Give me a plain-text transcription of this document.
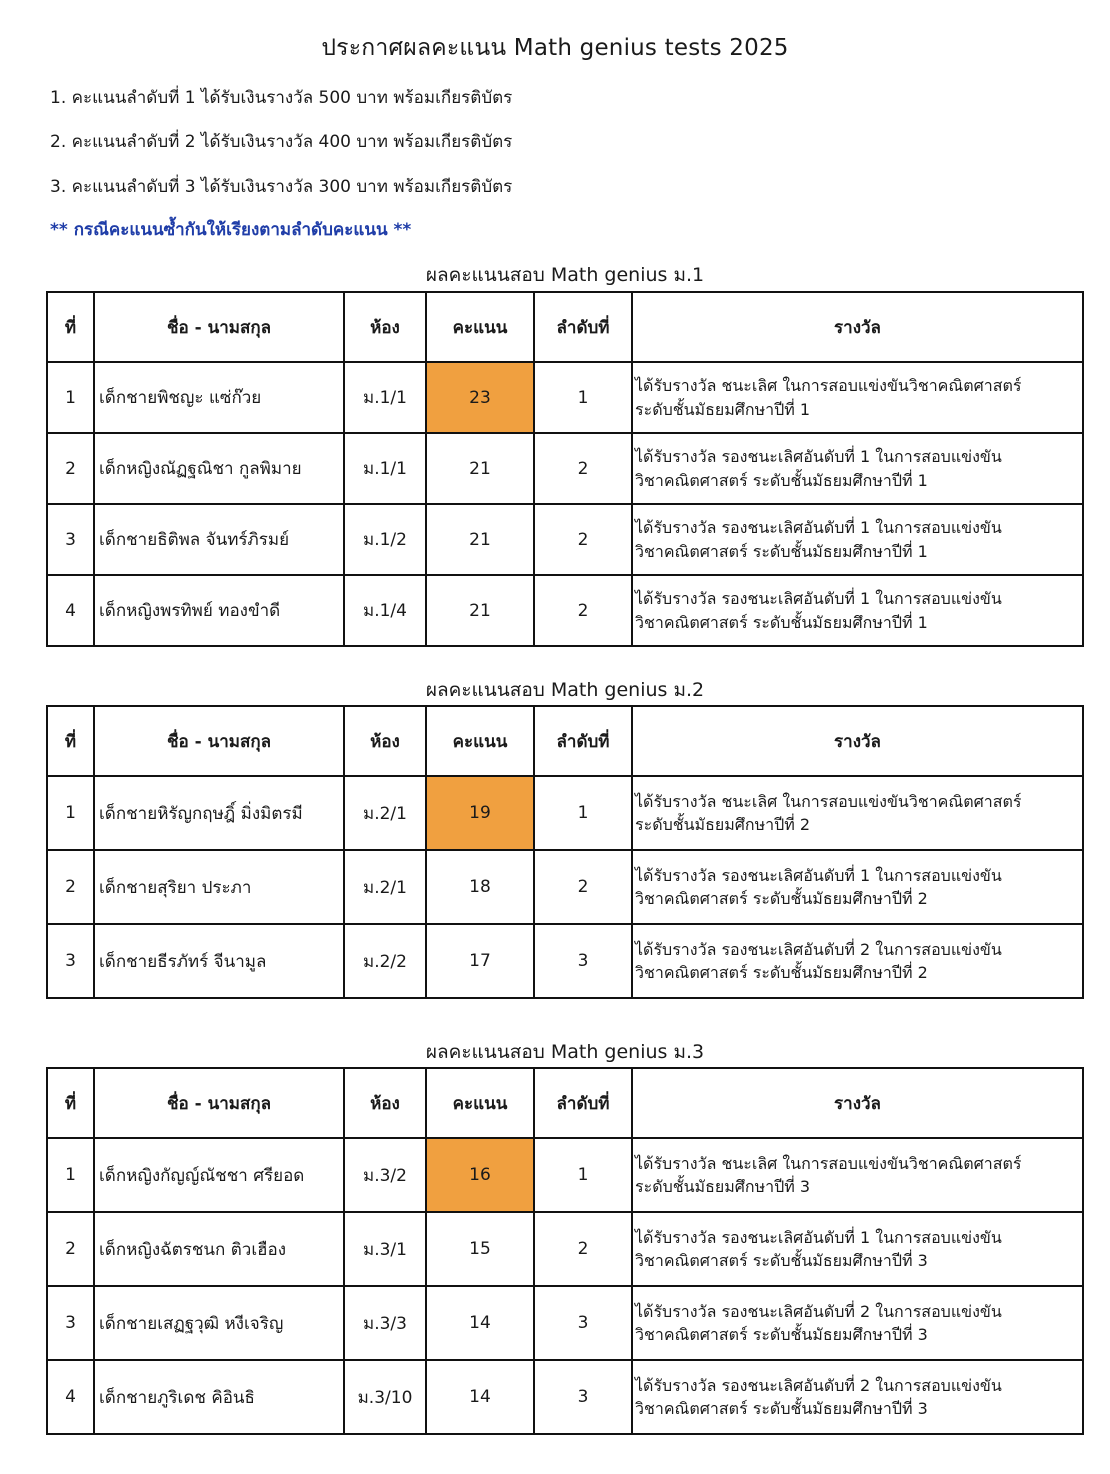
ประกาศผลคะแนน Math genius tests 2025
1. คะแนนลำดับที่ 1 ได้รับเงินรางวัล 500 บาท พร้อมเกียรติบัตร
2. คะแนนลำดับที่ 2 ได้รับเงินรางวัล 400 บาท พร้อมเกียรติบัตร
3. คะแนนลำดับที่ 3 ได้รับเงินรางวัล 300 บาท พร้อมเกียรติบัตร
** กรณีคะแนนซ้ำกันให้เรียงตามลำดับคะแนน **
ผลคะแนนสอบ Math genius ม.1
ที่	ชื่อ - นามสกุล	ห้อง	คะแนน	ลำดับที่	รางวัล
1	เด็กชายพิชญะ แซ่ก๊วย	ม.1/1	23	1	ได้รับรางวัล ชนะเลิศ ในการสอบแข่งขันวิชาคณิตศาสตร์
ระดับชั้นมัธยมศึกษาปีที่ 1

2	เด็กหญิงณัฏฐณิชา กูลพิมาย	ม.1/1	21	2	ได้รับรางวัล รองชนะเลิศอันดับที่ 1 ในการสอบแข่งขัน
วิชาคณิตศาสตร์ ระดับชั้นมัธยมศึกษาปีที่ 1

3	เด็กชายธิติพล จันทร์ภิรมย์	ม.1/2	21	2	ได้รับรางวัล รองชนะเลิศอันดับที่ 1 ในการสอบแข่งขัน
วิชาคณิตศาสตร์ ระดับชั้นมัธยมศึกษาปีที่ 1

4	เด็กหญิงพรทิพย์ ทองขำดี	ม.1/4	21	2	ได้รับรางวัล รองชนะเลิศอันดับที่ 1 ในการสอบแข่งขัน
วิชาคณิตศาสตร์ ระดับชั้นมัธยมศึกษาปีที่ 1
ผลคะแนนสอบ Math genius ม.2
ที่	ชื่อ - นามสกุล	ห้อง	คะแนน	ลำดับที่	รางวัล
1	เด็กชายหิรัญกฤษฎิ์ มิ่งมิตรมี	ม.2/1	19	1	ได้รับรางวัล ชนะเลิศ ในการสอบแข่งขันวิชาคณิตศาสตร์
ระดับชั้นมัธยมศึกษาปีที่ 2

2	เด็กชายสุริยา ประภา	ม.2/1	18	2	ได้รับรางวัล รองชนะเลิศอันดับที่ 1 ในการสอบแข่งขัน
วิชาคณิตศาสตร์ ระดับชั้นมัธยมศึกษาปีที่ 2

3	เด็กชายธีรภัทร์ จีนามูล	ม.2/2	17	3	ได้รับรางวัล รองชนะเลิศอันดับที่ 2 ในการสอบแข่งขัน
วิชาคณิตศาสตร์ ระดับชั้นมัธยมศึกษาปีที่ 2
ผลคะแนนสอบ Math genius ม.3
ที่	ชื่อ - นามสกุล	ห้อง	คะแนน	ลำดับที่	รางวัล
1	เด็กหญิงกัญญ์ณัชชา ศรียอด	ม.3/2	16	1	ได้รับรางวัล ชนะเลิศ ในการสอบแข่งขันวิชาคณิตศาสตร์
ระดับชั้นมัธยมศึกษาปีที่ 3

2	เด็กหญิงฉัตรชนก ติวเฮือง	ม.3/1	15	2	ได้รับรางวัล รองชนะเลิศอันดับที่ 1 ในการสอบแข่งขัน
วิชาคณิตศาสตร์ ระดับชั้นมัธยมศึกษาปีที่ 3

3	เด็กชายเสฏฐวุฒิ หงีเจริญ	ม.3/3	14	3	ได้รับรางวัล รองชนะเลิศอันดับที่ 2 ในการสอบแข่งขัน
วิชาคณิตศาสตร์ ระดับชั้นมัธยมศึกษาปีที่ 3

4	เด็กชายภูริเดช คิอินธิ	ม.3/10	14	3	ได้รับรางวัล รองชนะเลิศอันดับที่ 2 ในการสอบแข่งขัน
วิชาคณิตศาสตร์ ระดับชั้นมัธยมศึกษาปีที่ 3
